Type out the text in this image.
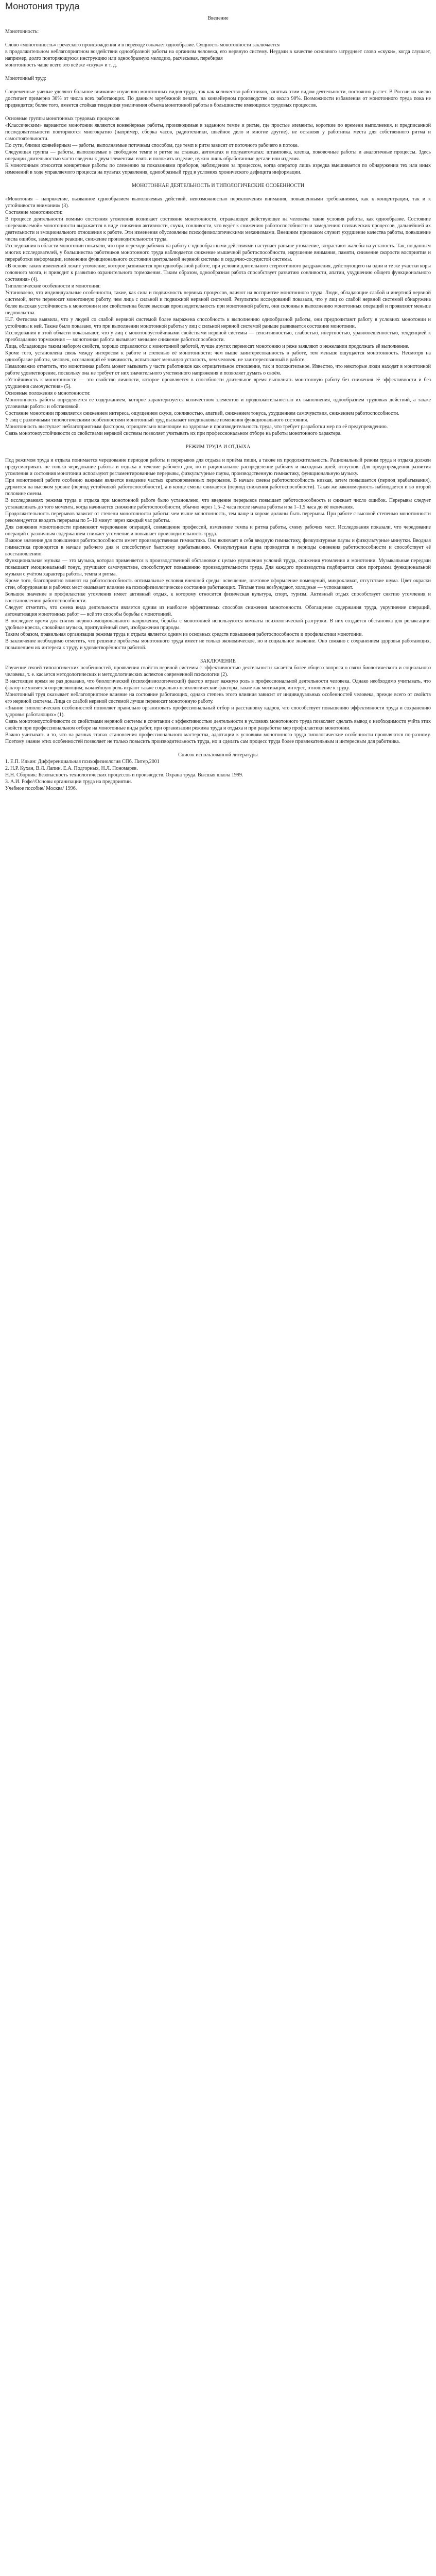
Монотония труда
Введение

Монотонность:

Слово «монотонность» греческого происхождения и в переводе означает однообразие. Сущность монотонности заключается

в продолжительном неблагоприятном воздействии однообразной работы на организм человека, его нервную систему. Неудачи в качестве основного затрудняет слово «скуки», когда слушает, например, долго повторяющуюся инструкцию или однообразную мелодию, расчесывая, перебирая

монотонность чаще всего это всё же «скука» и т. д.

Монотонный труд:

Современные ученые уделяют большое внимание изучению монотонных видов труда, так как количество работников, занятых этим видом деятельности, постоянно растет. В России их число достигает примерно 30% от числа всех работающих. По данным зарубежной печати, на конвейерном производстве их около 90%. Возможности избавления от монотонного труда пока не предвидятся; более того, имеется стойкая тенденция увеличения объема монотонной работы в большинстве имеющихся трудовых процессов.

Основные группы монотонных трудовых процессов

«Классическим» вариантом монотонии являются конвейерные работы, производимые в заданном темпе и ритме, где простые элементы, короткие по времени выполнения, и предписанной последовательности повторяются многократно (например, сборка часов, радиотехники, швейное дело и многие другие), не оставляя у работника места для собственного ритма и самостоятельности.

По сути, близки конвейерным — работы, выполняемые поточным способом, где темп и ритм зависят от поточного рабочего в потоке.

Следующая группа — работы, выполняемые в свободном темпе и ритме на станках, автоматах и полуавтоматах: штамповка, клепка, поковочные работы и аналогичные процессы. Здесь операции длительностью часто сведены к двум элементам: взять и положить изделие, нужно лишь обработанные детали или изделия.

К монотонным относятся конкретные работы по слежению за показаниями приборов, наблюдению за процессом, когда оператор лишь изредка вмешивается по обнаружении тех или иных изменений в ходе управляемого процесса на пультах управления, однообразный труд в условиях хронического дефицита информации.

МОНОТОННАЯ ДЕЯТЕЛЬНОСТЬ И ТИПОЛОГИЧЕСКИЕ ОСОБЕННОСТИ

«Монотония – напряжение, вызванное однообразием выполняемых действий, невозможностью переключения внимания, повышенными требованиями, как к концентрации, так и к устойчивости внимания» (3).

Состояние монотонности:

В процессе деятельности помимо состояния утомления возникает состояние монотонности, отражающее действующее на человека такие условия работы, как однообразие. Состояние «переживаемой» монотонности выражается в виде снижения активности, скуки, сонливости, что ведёт к снижению работоспособности и замедлению психических процессов, дальнейшей их деятельности и эмоционального отношения к работе. Эти изменения обусловлены психофизиологическими механизмами. Внешним признаком служит ухудшение качества работы, повышение числа ошибок, замедление реакции, снижение производительности труда.

Исследования в области монотонии показали, что при переходе рабочих на работу с однообразными действиями наступает раньше утомление, возрастают жалобы на усталость. Так, по данным многих исследователей, у большинства работников монотонного труда наблюдается снижение мышечной работоспособности, нарушение внимания, памяти, снижение скорости восприятия и переработки информации, изменение функционального состояния центральной нервной системы и сердечно-сосудистой системы.

«В основе таких изменений лежит утомление, которое развивается при однообразной работе, при условии длительного стереотипного раздражения, действующего на одни и те же участки коры головного мозга, и приводит к развитию охранительного торможения. Таким образом, однообразная работа способствует развитию сонливости, апатии, ухудшению общего функционального состояния» (4).

Типологические особенности и монотония:

Установлено, что индивидуальные особенности, такие, как сила и подвижность нервных процессов, влияют на восприятие монотонного труда. Люди, обладающие слабой и инертной нервной системой, легче переносят монотонную работу, чем лица с сильной и подвижной нервной системой. Результаты исследований показали, что у лиц со слабой нервной системой обнаружена более высокая устойчивость к монотонии и им свойственна более высокая производительность при монотонной работе, они склонны к выполнению монотонных операций и проявляют меньше недовольства.

Н.Г. Фетисова выявила, что у людей со слабой нервной системой более выражена способность к выполнению однообразной работы, они предпочитают работу в условиях монотонии и устойчивы к ней. Также было показано, что при выполнении монотонной работы у лиц с сильной нервной системой раньше развивается состояние монотонии.

Исследования в этой области показывают, что у лиц с монотоноустойчивыми свойствами нервной системы — сенситивностью, слабостью, инертностью, уравновешенностью, тенденцией к преобладанию торможения — монотонная работа вызывает меньшее снижение работоспособности.

Лица, обладающие таким набором свойств, хорошо справляются с монотонной работой, лучше других переносят монотонию и реже заявляют о нежелании продолжать её выполнение.

Кроме того, установлена связь между интересом к работе и степенью её монотонности: чем выше заинтересованность в работе, тем меньше ощущается монотонность. Несмотря на однообразие работы, человек, осознающий её значимость, испытывает меньшую усталость, чем человек, не заинтересованный в работе.

Немаловажно отметить, что монотонная работа может вызывать у части работников как отрицательное отношение, так и положительное. Известно, что некоторые люди находят в монотонной работе удовлетворение, поскольку она не требует от них значительного умственного напряжения и позволяет думать о своём.

«Устойчивость к монотонности — это свойство личности, которое проявляется в способности длительное время выполнять монотонную работу без снижения её эффективности и без ухудшения самочувствия» (5).

Основные положения о монотонности:

Монотонность работы определяется её содержанием, которое характеризуется количеством элементов и продолжительностью их выполнения, однообразием трудовых действий, а также условиями работы и обстановкой.

Состояние монотонии проявляется снижением интереса, ощущением скуки, сонливостью, апатией, снижением тонуса, ухудшением самочувствия, снижением работоспособности.

У лиц с различными типологическими особенностями монотонный труд вызывает неодинаковые изменения функционального состояния.

Монотонность выступает неблагоприятным фактором, отрицательно влияющим на здоровье и производительность труда, что требует разработки мер по её предупреждению.

Связь монотоноустойчивости со свойствами нервной системы позволяет учитывать их при профессиональном отборе на работы монотонного характера.

РЕЖИМ ТРУДА И ОТДЫХА

Под режимом труда и отдыха понимается чередование периодов работы и перерывов для отдыха и приёма пищи, а также их продолжительность. Рациональный режим труда и отдыха должен предусматривать не только чередование работы и отдыха в течение рабочего дня, но и рациональное распределение рабочих и выходных дней, отпусков. Для предупреждения развития утомления и состояния монотонии используют регламентированные перерывы, физкультурные паузы, производственную гимнастику, функциональную музыку.

При монотонной работе особенно важным является введение частых кратковременных перерывов. В начале смены работоспособность низкая, затем повышается (период врабатывания), держится на высоком уровне (период устойчивой работоспособности), а в конце смены снижается (период снижения работоспособности). Такая же закономерность наблюдается и во второй половине смены.

В исследованиях режима труда и отдыха при монотонной работе было установлено, что введение перерывов повышает работоспособность и снижает число ошибок. Перерывы следует устанавливать до того момента, когда начинается снижение работоспособности, обычно через 1,5–2 часа после начала работы и за 1–1,5 часа до её окончания.

Продолжительность перерывов зависит от степени монотонности работы: чем выше монотонность, тем чаще и короче должны быть перерывы. При работе с высокой степенью монотонности рекомендуется вводить перерывы по 5–10 минут через каждый час работы.

Для снижения монотонности применяют чередование операций, совмещение профессий, изменение темпа и ритма работы, смену рабочих мест. Исследования показали, что чередование операций с различным содержанием снижает утомление и повышает производительность труда.

Важное значение для повышения работоспособности имеет производственная гимнастика. Она включает в себя вводную гимнастику, физкультурные паузы и физкультурные минутки. Вводная гимнастика проводится в начале рабочего дня и способствует быстрому врабатыванию. Физкультурная пауза проводится в периоды снижения работоспособности и способствует её восстановлению.

Функциональная музыка — это музыка, которая применяется в производственной обстановке с целью улучшения условий труда, снижения утомления и монотонии. Музыкальные передачи повышают эмоциональный тонус, улучшают самочувствие, способствуют повышению производительности труда. Для каждого производства подбирается своя программа функциональной музыки с учётом характера работы, темпа и ритма.

Кроме того, благоприятно влияют на работоспособность оптимальные условия внешней среды: освещение, цветовое оформление помещений, микроклимат, отсутствие шума. Цвет окраски стен, оборудования и рабочих мест оказывает влияние на психофизиологическое состояние работающих. Тёплые тона возбуждают, холодные — успокаивают.

Большое значение в профилактике утомления имеет активный отдых, к которому относится физическая культура, спорт, туризм. Активный отдых способствует снятию утомления и восстановлению работоспособности.

Следует отметить, что смена вида деятельности является одним из наиболее эффективных способов снижения монотонности. Обогащение содержания труда, укрупнение операций, автоматизация монотонных работ — всё это способы борьбы с монотонией.

В последнее время для снятия нервно-эмоционального напряжения, борьбы с монотонией используются комнаты психологической разгрузки. В них создаётся обстановка для релаксации: удобные кресла, спокойная музыка, приглушённый свет, изображения природы.

Таким образом, правильная организация режима труда и отдыха является одним из основных средств повышения работоспособности и профилактики монотонии.

В заключение необходимо отметить, что решение проблемы монотонного труда имеет не только экономическое, но и социальное значение. Оно связано с сохранением здоровья работающих, повышением их интереса к труду и удовлетворённости работой.

ЗАКЛЮЧЕНИЕ

Изучение связей типологических особенностей, проявления свойств нервной системы с эффективностью деятельности касается более общего вопроса о связи биологического и социального человека, т. е. касается методологических и методологических аспектов современной психологии (2).

В настоящее время не раз доказано, что биологический (психофизиологический) фактор играет важную роль в профессиональной деятельности человека. Однако необходимо учитывать, что фактор не является определяющим; важнейшую роль играют также социально-психологические факторы, такие как мотивация, интерес, отношение к труду.

Монотонный труд оказывает неблагоприятное влияние на состояние работающих, однако степень этого влияния зависит от индивидуальных особенностей человека, прежде всего от свойств его нервной системы. Лица со слабой нервной системой лучше переносят монотонную работу.

«Знание типологических особенностей позволяет правильно организовать профессиональный отбор и расстановку кадров, что способствует повышению эффективности труда и сохранению здоровья работающих» (1).

Связь монотоноустойчивости со свойствами нервной системы в сочетании с эффективностью деятельности в условиях монотонного труда позволяет сделать вывод о необходимости учёта этих свойств при профессиональном отборе на монотонные виды работ, при организации режима труда и отдыха и при разработке мер профилактики монотонии.

Важно учитывать и то, что на разных этапах становления профессионального мастерства, адаптации к условиям монотонного труда типологические особенности проявляются по-разному. Поэтому знание этих особенностей позволяет не только повысить производительность труда, но и сделать сам процесс труда более привлекательным и интересным для работника.

Список использованной литературы

1. Е.П. Ильин: Дифференциальная психофизиология СПб. Питер,2001

2. Н.Р. Кухан, В.Л. Лапин, Е.А. Подгорных, Н.Л. Пономарев.

Н.Н. Сборник: Безопасность технологических процессов и производств. Охрана труда. Высшая школа 1999.

3. А.И. Рофе//Основы организации труда на предприятии.

Учебное пособие/ Москва/ 1996.
